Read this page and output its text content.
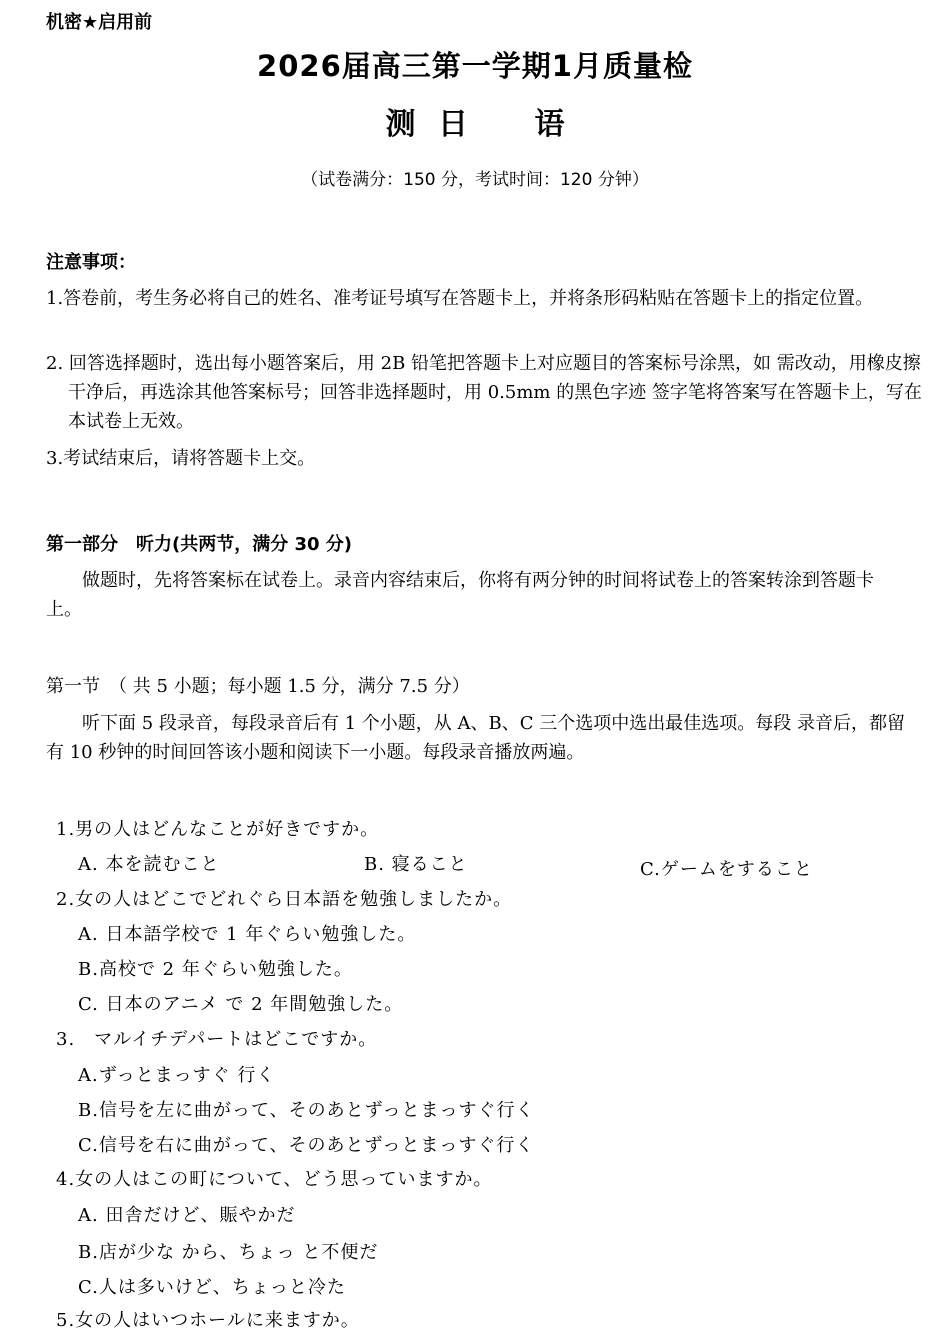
机密★启用前
2026届高三第一学期1月质量检
测 日 语
（试卷满分：150 分，考试时间：120 分钟）
注意事项：
1.答卷前，考生务必将自己的姓名、准考证号填写在答题卡上，并将条形码粘贴在答题卡上的指定位置。
2. 回答选择题时，选出每小题答案后，用 2B 铅笔把答题卡上对应题目的答案标号涂黑，如 需改动，用橡皮擦干净后，再选涂其他答案标号；回答非选择题时，用 0.5mm 的黑色字迹 签字笔将答案写在答题卡上，写在本试卷上无效。
3.考试结束后，请将答题卡上交。
第一部分　听力(共两节，满分 30 分)
做题时，先将答案标在试卷上。录音内容结束后，你将有两分钟的时间将试卷上的答案转涂到答题卡上。
第一节　（ 共 5 小题；每小题 1.5 分，满分 7.5 分）
听下面 5 段录音，每段录音后有 1 个小题，从 A、B、C 三个选项中选出最佳选项。每段 录音后，都留有 10 秒钟的时间回答该小题和阅读下一小题。每段录音播放两遍。
1.男の人はどんなことが好きですか。
A. 本を読むこと	B. 寝ること	C.ゲームをすること
2.女の人はどこでどれぐら日本語を勉強しましたか。
A. 日本語学校で 1 年ぐらい勉強した。
B.高校で 2 年ぐらい勉強した。
C. 日本のアニメ で 2 年間勉強した。
3.　マルイチデパートはどこですか。
A.ずっとまっすぐ 行く
B.信号を左に曲がって、そのあとずっとまっすぐ行く
C.信号を右に曲がって、そのあとずっとまっすぐ行く
4.女の人はこの町について、どう思っていますか。
A. 田舎だけど、賑やかだ
B.店が少な から、ちょっ と不便だ
C.人は多いけど、ちょっと冷た
5.女の人はいつホールに来ますか。
